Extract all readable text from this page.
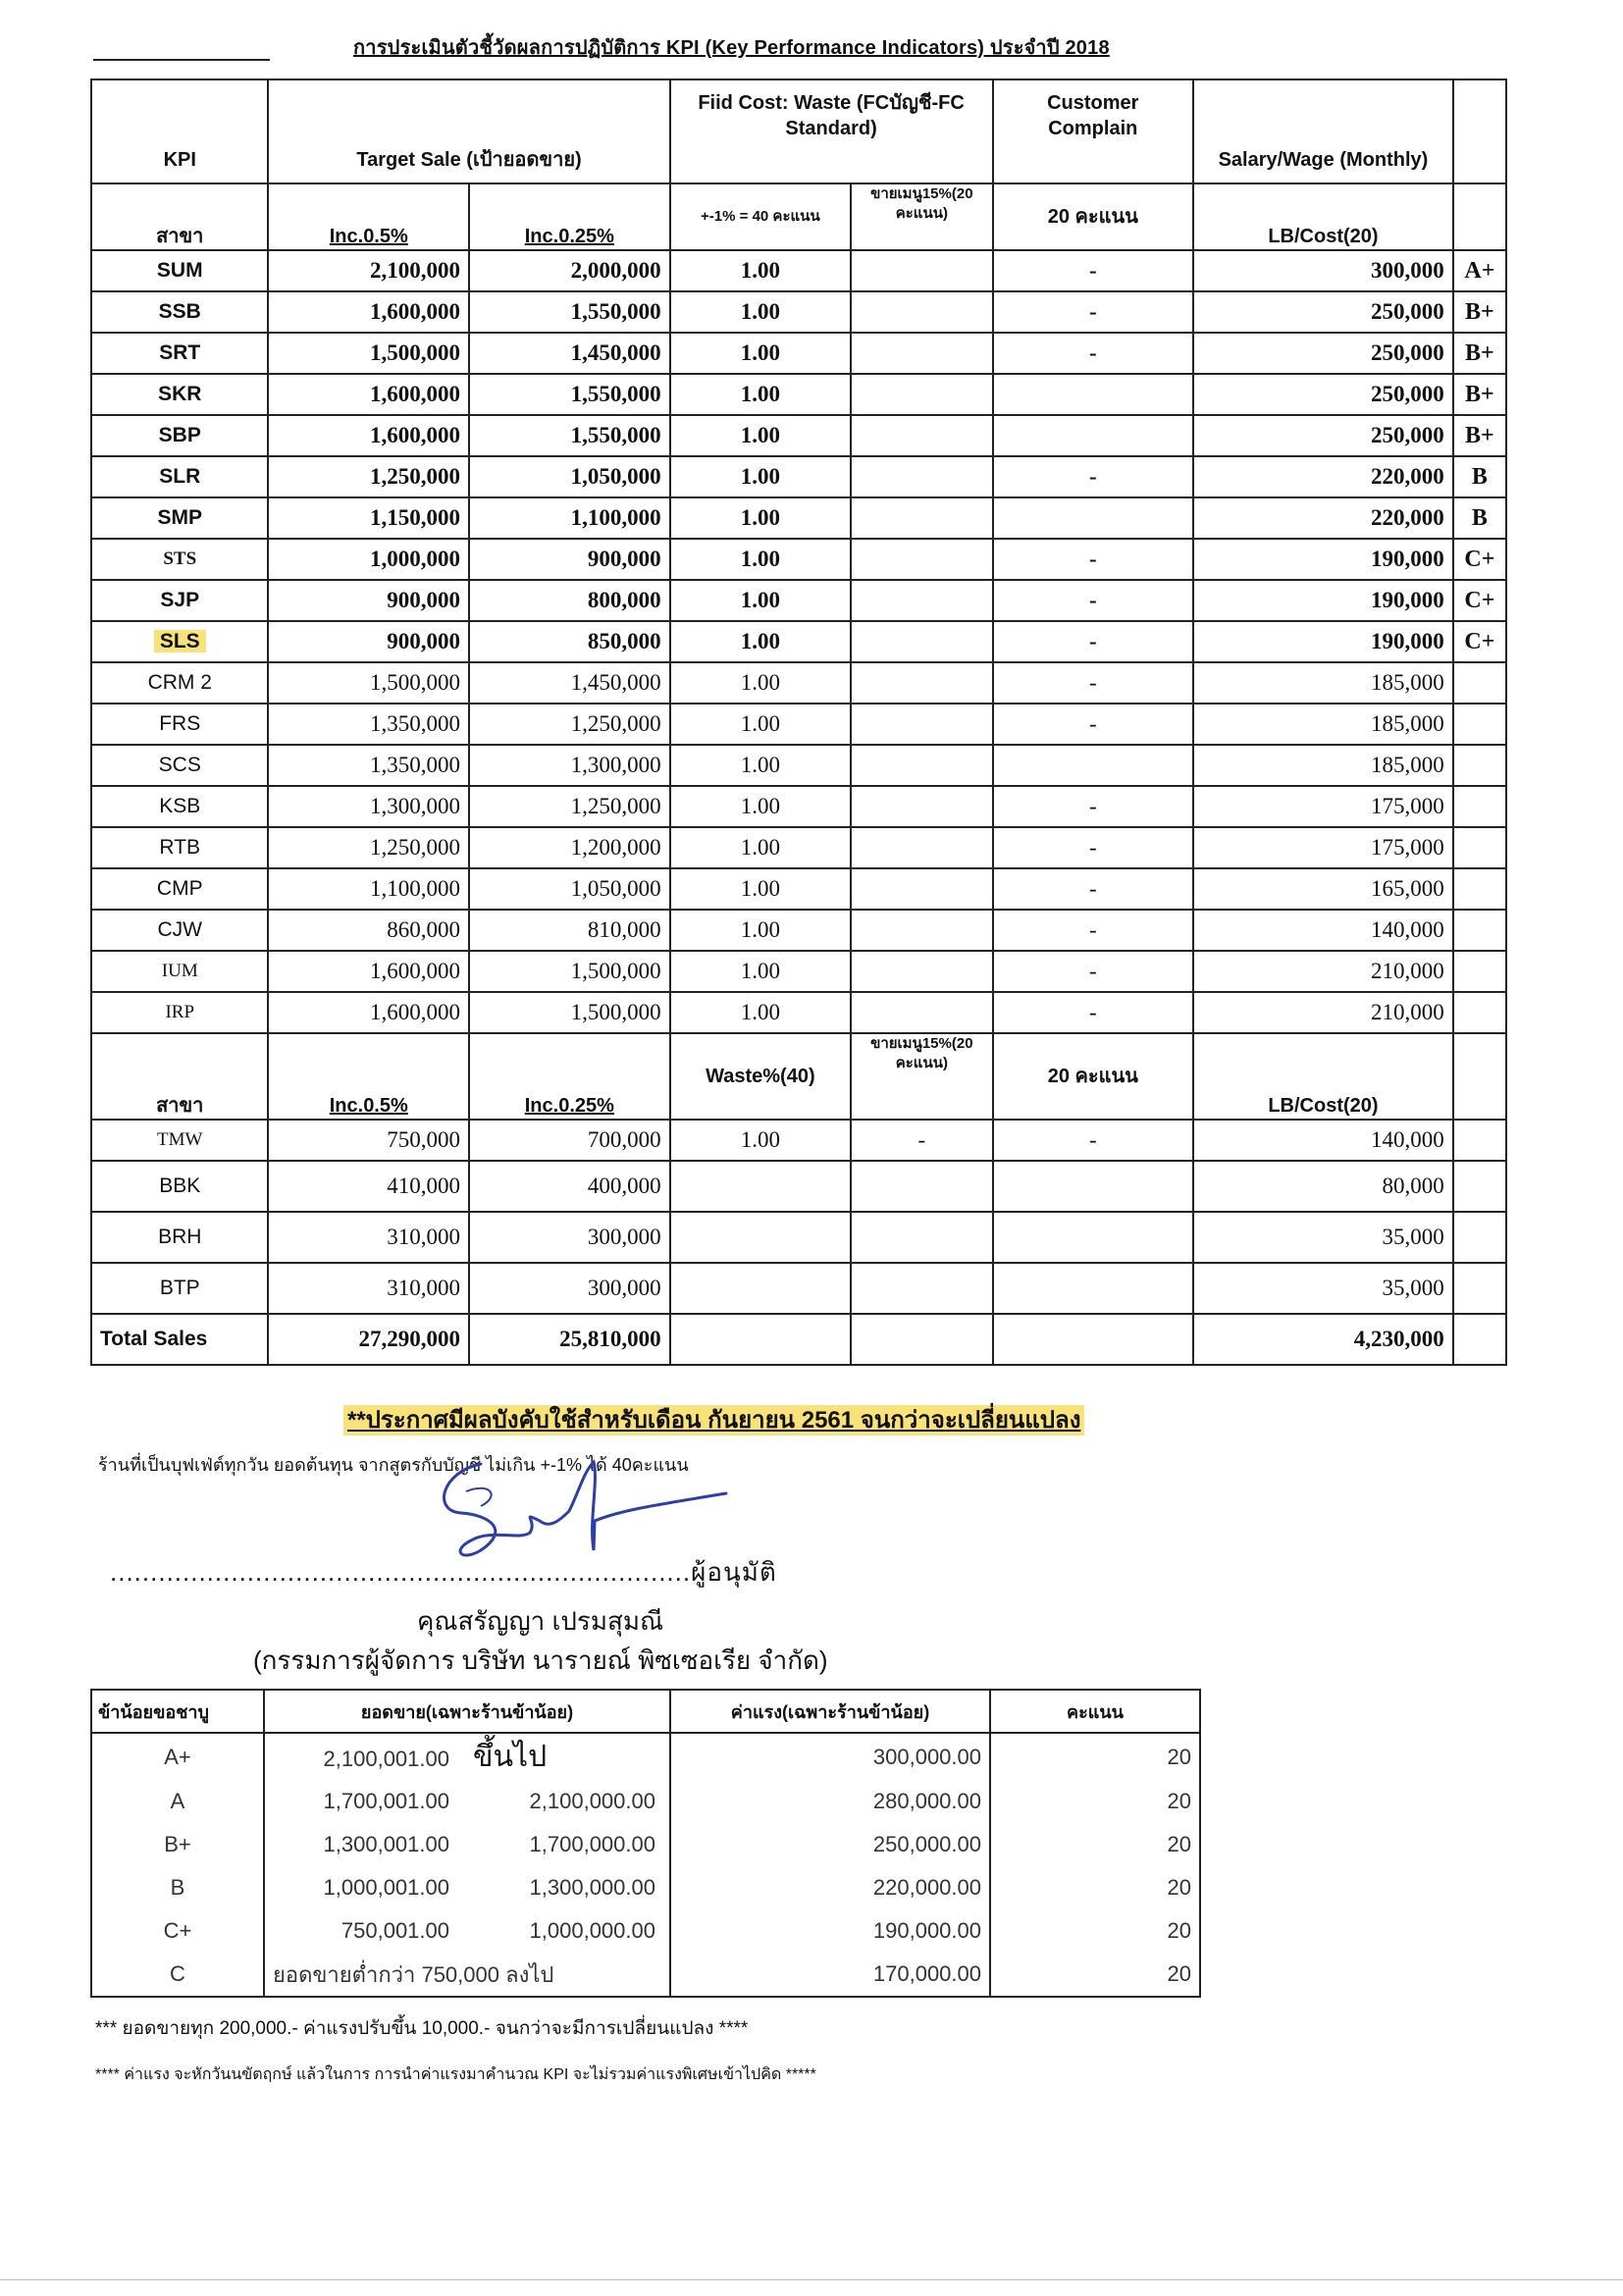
การประเมินตัวชี้วัดผลการปฏิบัติการ KPI (Key Performance Indicators) ประจำปี 2018
KPI	Target Sale (เป้ายอดขาย)		Fiid Cost: Waste (FCบัญชี-FC Standard)		Customer Complain	Salary/Wage (Monthly)	
สาขา	Inc.0.5%	Inc.0.25%	+-1% = 40 คะแนน	ขายเมนู15%(20 คะแนน)	20 คะแนน	LB/Cost(20)	
SUM	2,100,000	2,000,000	1.00		-	300,000	A+
SSB	1,600,000	1,550,000	1.00		-	250,000	B+
SRT	1,500,000	1,450,000	1.00		-	250,000	B+
SKR	1,600,000	1,550,000	1.00			250,000	B+
SBP	1,600,000	1,550,000	1.00			250,000	B+
SLR	1,250,000	1,050,000	1.00		-	220,000	B
SMP	1,150,000	1,100,000	1.00			220,000	B
STS	1,000,000	900,000	1.00		-	190,000	C+
SJP	900,000	800,000	1.00		-	190,000	C+
SLS	900,000	850,000	1.00		-	190,000	C+
CRM 2	1,500,000	1,450,000	1.00		-	185,000	
FRS	1,350,000	1,250,000	1.00		-	185,000	
SCS	1,350,000	1,300,000	1.00			185,000	
KSB	1,300,000	1,250,000	1.00		-	175,000	
RTB	1,250,000	1,200,000	1.00		-	175,000	
CMP	1,100,000	1,050,000	1.00		-	165,000	
CJW	860,000	810,000	1.00		-	140,000	
IUM	1,600,000	1,500,000	1.00		-	210,000	
IRP	1,600,000	1,500,000	1.00		-	210,000	
สาขา	Inc.0.5%	Inc.0.25%	Waste%(40)	ขายเมนู15%(20 คะแนน)	20 คะแนน	LB/Cost(20)	
TMW	750,000	700,000	1.00	-	-	140,000	
BBK	410,000	400,000				80,000	
BRH	310,000	300,000				35,000	
BTP	310,000	300,000				35,000	
Total Sales	27,290,000	25,810,000				4,230,000	
**ประกาศมีผลบังคับใช้สำหรับเดือน กันยายน 2561 จนกว่าจะเปลี่ยนแปลง
ร้านที่เป็นบุฟเฟ่ต์ทุกวัน ยอดต้นทุน จากสูตรกับบัญชี ไม่เกิน +-1% ได้ 40คะแนน
........................................................................ผู้อนุมัติ
คุณสรัญญา เปรมสุมณี
(กรรมการผู้จัดการ บริษัท นารายณ์ พิซเซอเรีย จำกัด)
ข้าน้อยขอชาบู	ยอดขาย(เฉพาะร้านข้าน้อย)	ค่าแรง(เฉพาะร้านข้าน้อย)	คะแนน
A+	2,100,001.00 ขึ้นไป	300,000.00	20
A	1,700,001.00 2,100,000.00	280,000.00	20
B+	1,300,001.00 1,700,000.00	250,000.00	20
B	1,000,001.00 1,300,000.00	220,000.00	20
C+	750,001.00 1,000,000.00	190,000.00	20
C	ยอดขายต่ำกว่า 750,000 ลงไป	170,000.00	20
*** ยอดขายทุก 200,000.- ค่าแรงปรับขึ้น 10,000.- จนกว่าจะมีการเปลี่ยนแปลง ****
**** ค่าแรง จะหักวันนขัตฤกษ์ แล้วในการ การนำค่าแรงมาคำนวณ KPI จะไม่รวมค่าแรงพิเศษเข้าไปคิด *****
